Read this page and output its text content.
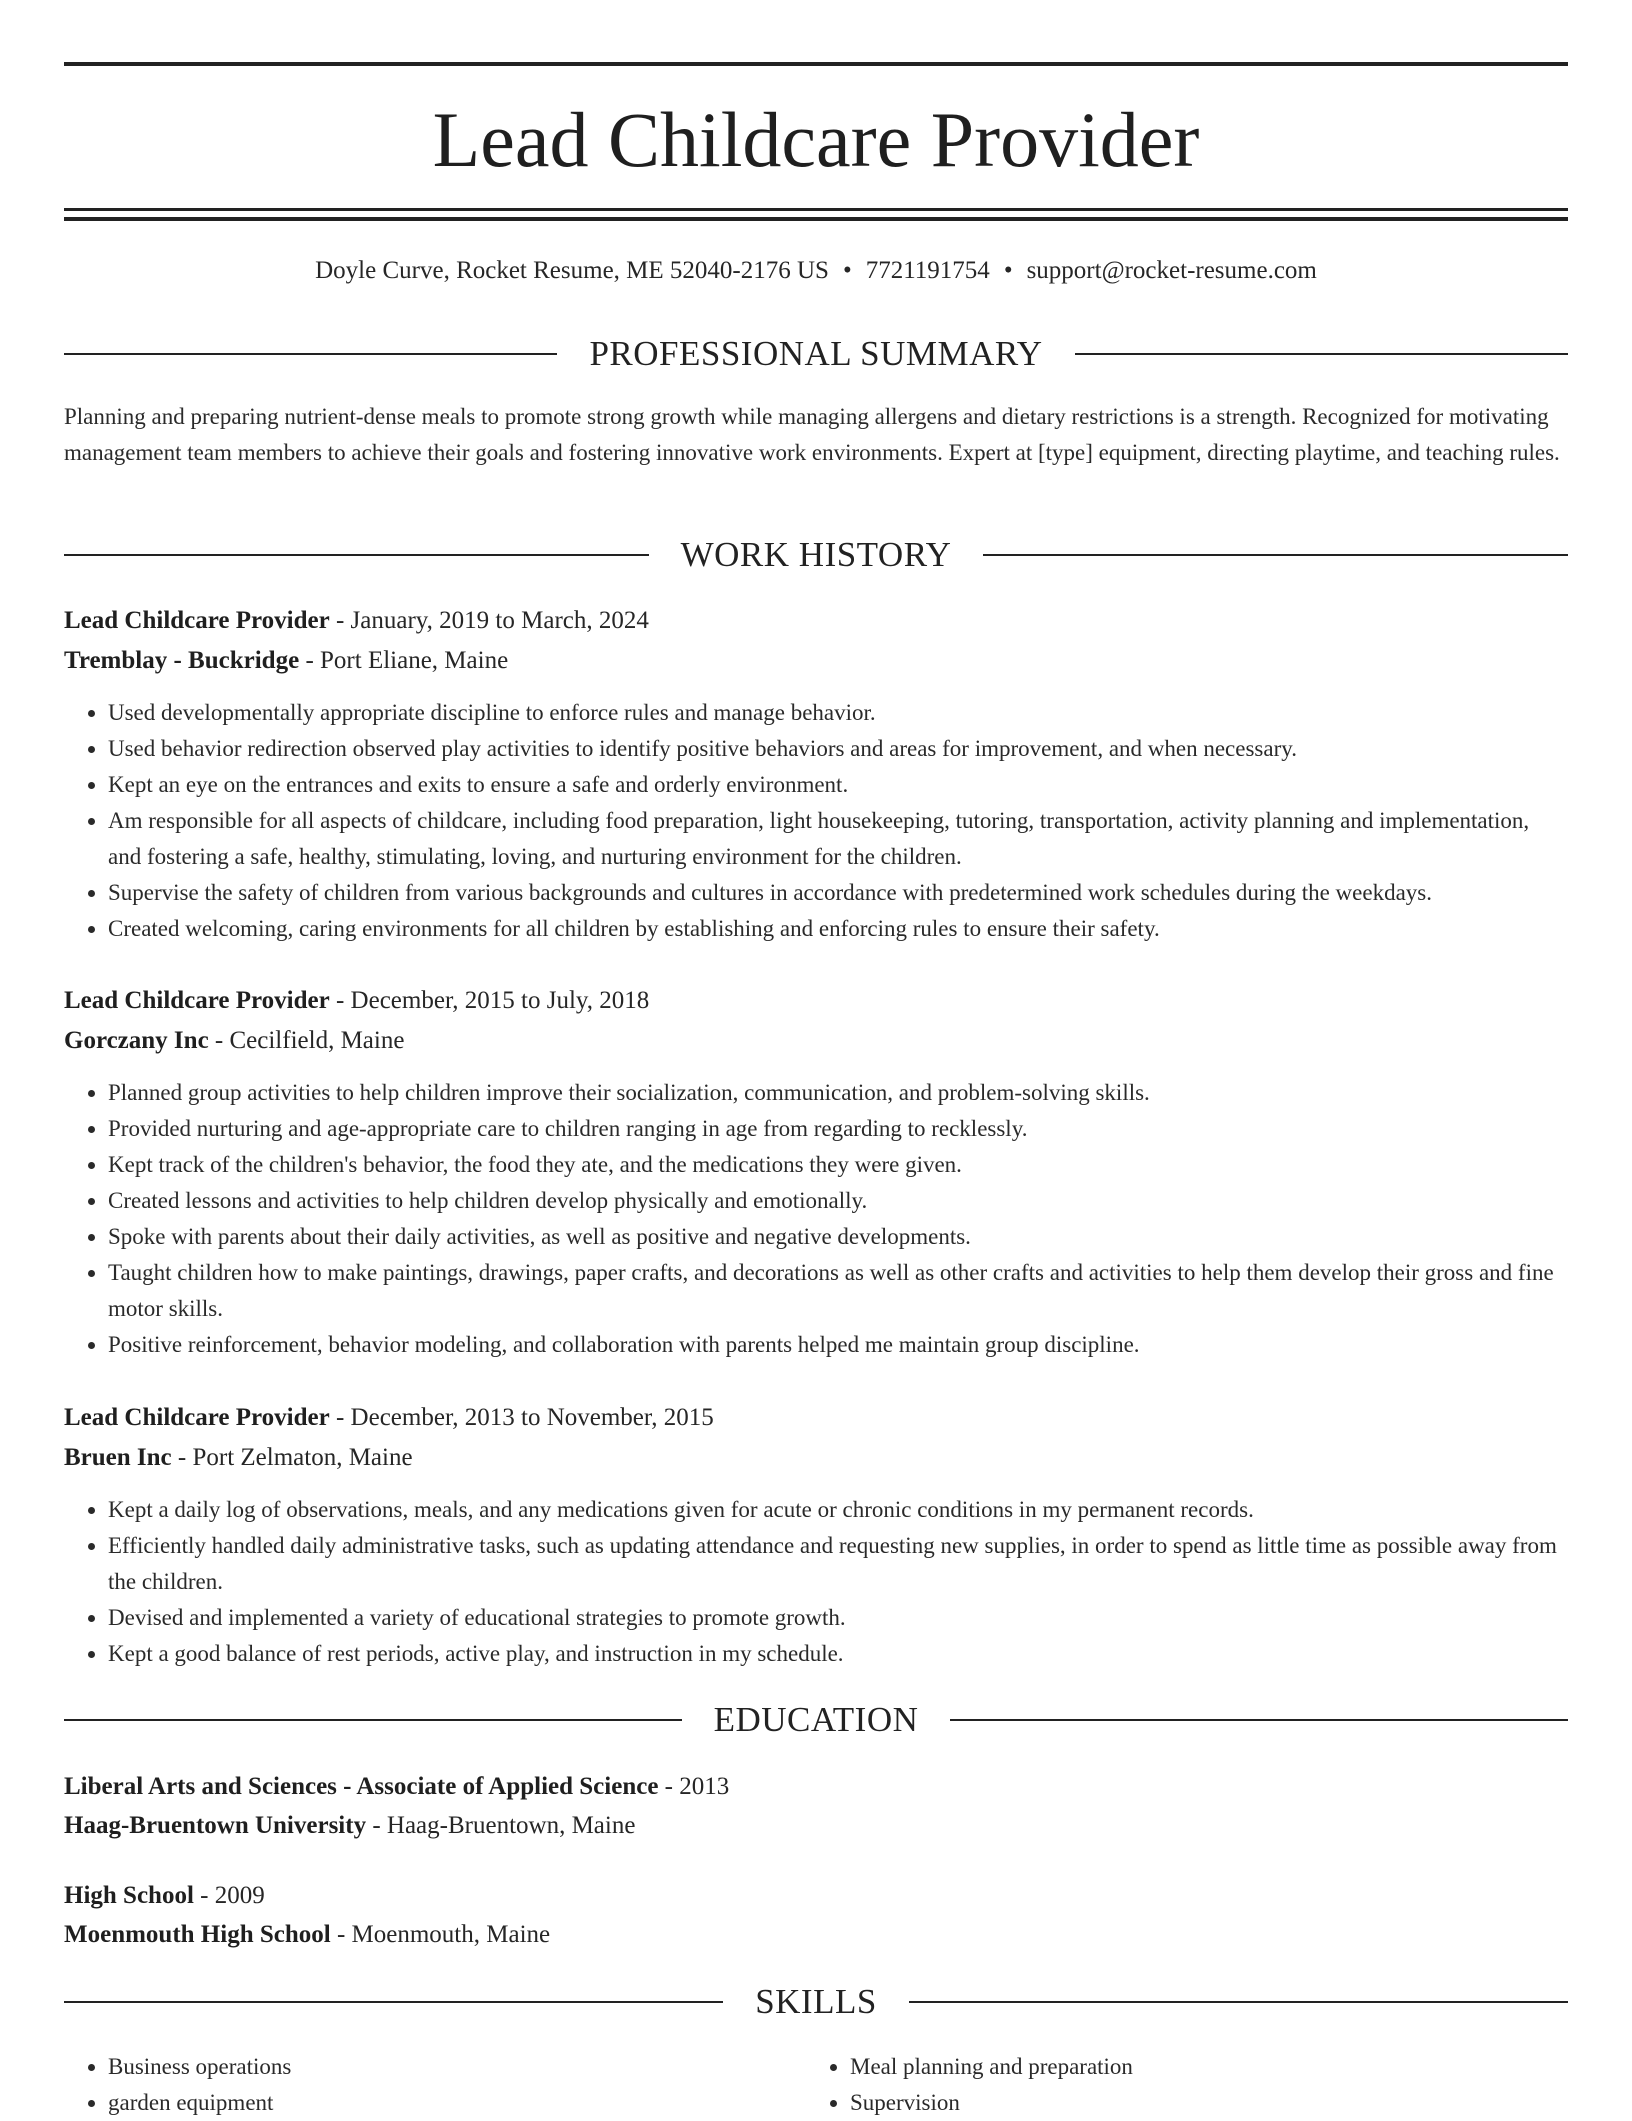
Lead Childcare Provider
Doyle Curve, Rocket Resume, ME 52040-2176 US • 7721191754 • support@rocket-resume.com
PROFESSIONAL SUMMARY
Planning and preparing nutrient-dense meals to promote strong growth while managing allergens and dietary restrictions is a strength. Recognized for motivating management team members to achieve their goals and fostering innovative work environments. Expert at [type] equipment, directing playtime, and teaching rules.
WORK HISTORY
Lead Childcare Provider - January, 2019 to March, 2024
Tremblay - Buckridge - Port Eliane, Maine
• Used developmentally appropriate discipline to enforce rules and manage behavior.
• Used behavior redirection observed play activities to identify positive behaviors and areas for improvement, and when necessary.
• Kept an eye on the entrances and exits to ensure a safe and orderly environment.
• Am responsible for all aspects of childcare, including food preparation, light housekeeping, tutoring, transportation, activity planning and implementation, and fostering a safe, healthy, stimulating, loving, and nurturing environment for the children.
• Supervise the safety of children from various backgrounds and cultures in accordance with predetermined work schedules during the weekdays.
• Created welcoming, caring environments for all children by establishing and enforcing rules to ensure their safety.
Lead Childcare Provider - December, 2015 to July, 2018
Gorczany Inc - Cecilfield, Maine
• Planned group activities to help children improve their socialization, communication, and problem-solving skills.
• Provided nurturing and age-appropriate care to children ranging in age from regarding to recklessly.
• Kept track of the children's behavior, the food they ate, and the medications they were given.
• Created lessons and activities to help children develop physically and emotionally.
• Spoke with parents about their daily activities, as well as positive and negative developments.
• Taught children how to make paintings, drawings, paper crafts, and decorations as well as other crafts and activities to help them develop their gross and fine motor skills.
• Positive reinforcement, behavior modeling, and collaboration with parents helped me maintain group discipline.
Lead Childcare Provider - December, 2013 to November, 2015
Bruen Inc - Port Zelmaton, Maine
• Kept a daily log of observations, meals, and any medications given for acute or chronic conditions in my permanent records.
• Efficiently handled daily administrative tasks, such as updating attendance and requesting new supplies, in order to spend as little time as possible away from the children.
• Devised and implemented a variety of educational strategies to promote growth.
• Kept a good balance of rest periods, active play, and instruction in my schedule.
EDUCATION
Liberal Arts and Sciences - Associate of Applied Science - 2013
Haag-Bruentown University - Haag-Bruentown, Maine
High School - 2009
Moenmouth High School - Moenmouth, Maine
SKILLS
• Business operations
• garden equipment
• Meal planning and preparation
• Supervision
